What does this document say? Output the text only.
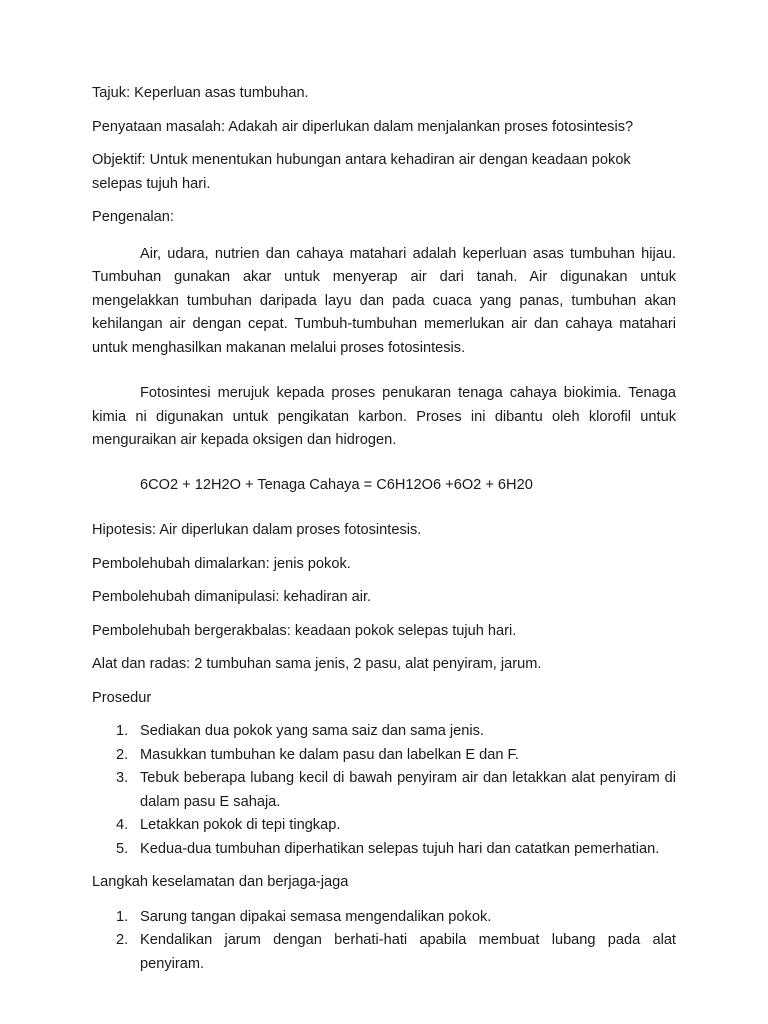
Tajuk: Keperluan asas tumbuhan.

Penyataan masalah: Adakah air diperlukan dalam menjalankan proses fotosintesis?

Objektif: Untuk menentukan hubungan antara kehadiran air dengan keadaan pokok selepas tujuh hari.

Pengenalan:

Air, udara, nutrien dan cahaya matahari adalah keperluan asas tumbuhan hijau. Tumbuhan gunakan akar untuk menyerap air dari tanah. Air digunakan untuk mengelakkan tumbuhan daripada layu dan pada cuaca yang panas, tumbuhan akan kehilangan air dengan cepat. Tumbuh-tumbuhan memerlukan air dan cahaya matahari untuk menghasilkan makanan melalui proses fotosintesis.

Fotosintesi merujuk kepada proses penukaran tenaga cahaya biokimia. Tenaga kimia ni digunakan untuk pengikatan karbon. Proses ini dibantu oleh klorofil untuk menguraikan air kepada oksigen dan hidrogen.

6CO2 + 12H2O + Tenaga Cahaya = C6H12O6 +6O2 + 6H20

Hipotesis: Air diperlukan dalam proses fotosintesis.

Pembolehubah dimalarkan: jenis pokok.

Pembolehubah dimanipulasi: kehadiran air.

Pembolehubah bergerakbalas: keadaan pokok selepas tujuh hari.

Alat dan radas: 2 tumbuhan sama jenis, 2 pasu, alat penyiram, jarum.

Prosedur

1. Sediakan dua pokok yang sama saiz dan sama jenis.
2. Masukkan tumbuhan ke dalam pasu dan labelkan E dan F.
3. Tebuk beberapa lubang kecil di bawah penyiram air dan letakkan alat penyiram di dalam pasu E sahaja.
4. Letakkan pokok di tepi tingkap.
5. Kedua-dua tumbuhan diperhatikan selepas tujuh hari dan catatkan pemerhatian.

Langkah keselamatan dan berjaga-jaga

1. Sarung tangan dipakai semasa mengendalikan pokok.
2. Kendalikan jarum dengan berhati-hati apabila membuat lubang pada alat penyiram.
